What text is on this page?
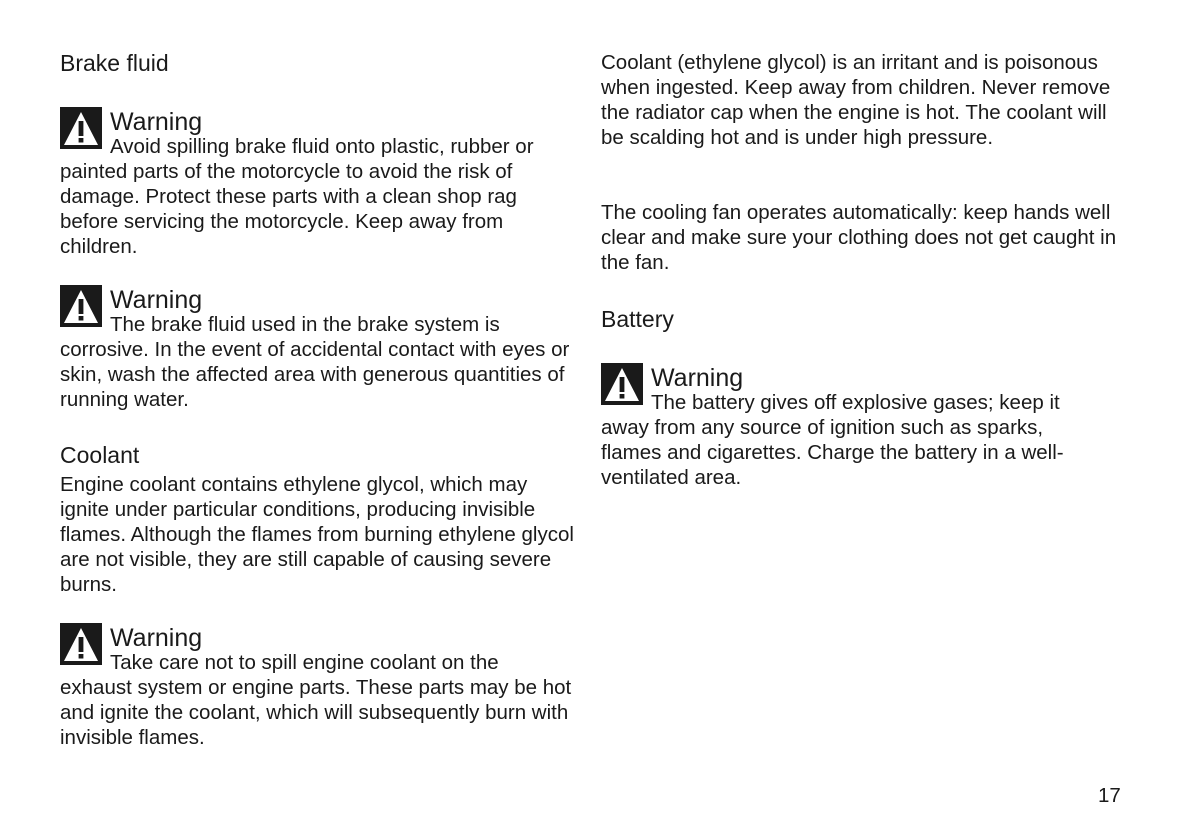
Brake fluid
Warning

Avoid spilling brake fluid onto plastic, rubber or painted parts of the motorcycle to avoid the risk of damage. Protect these parts with a clean shop rag before servicing the motorcycle. Keep away from children.

Warning

The brake fluid used in the brake system is corrosive. In the event of accidental contact with eyes or skin, wash the affected area with generous quantities of running water.

Coolant

Engine coolant contains ethylene glycol, which may ignite under particular conditions, producing invisible flames. Although the flames from burning ethylene glycol are not visible, they are still capable of causing severe burns.

Warning

Take care not to spill engine coolant on the exhaust system or engine parts. These parts may be hot and ignite the coolant, which will subsequently burn with invisible flames.

Coolant (ethylene glycol) is an irritant and is poisonous when ingested. Keep away from children. Never remove the radiator cap when the engine is hot. The coolant will be scalding hot and is under high pressure.

The cooling fan operates automatically: keep hands well clear and make sure your clothing does not get caught in the fan.

Battery
Warning

The battery gives off explosive gases; keep it away from any source of ignition such as sparks, flames and cigarettes. Charge the battery in a well-ventilated area.

17
